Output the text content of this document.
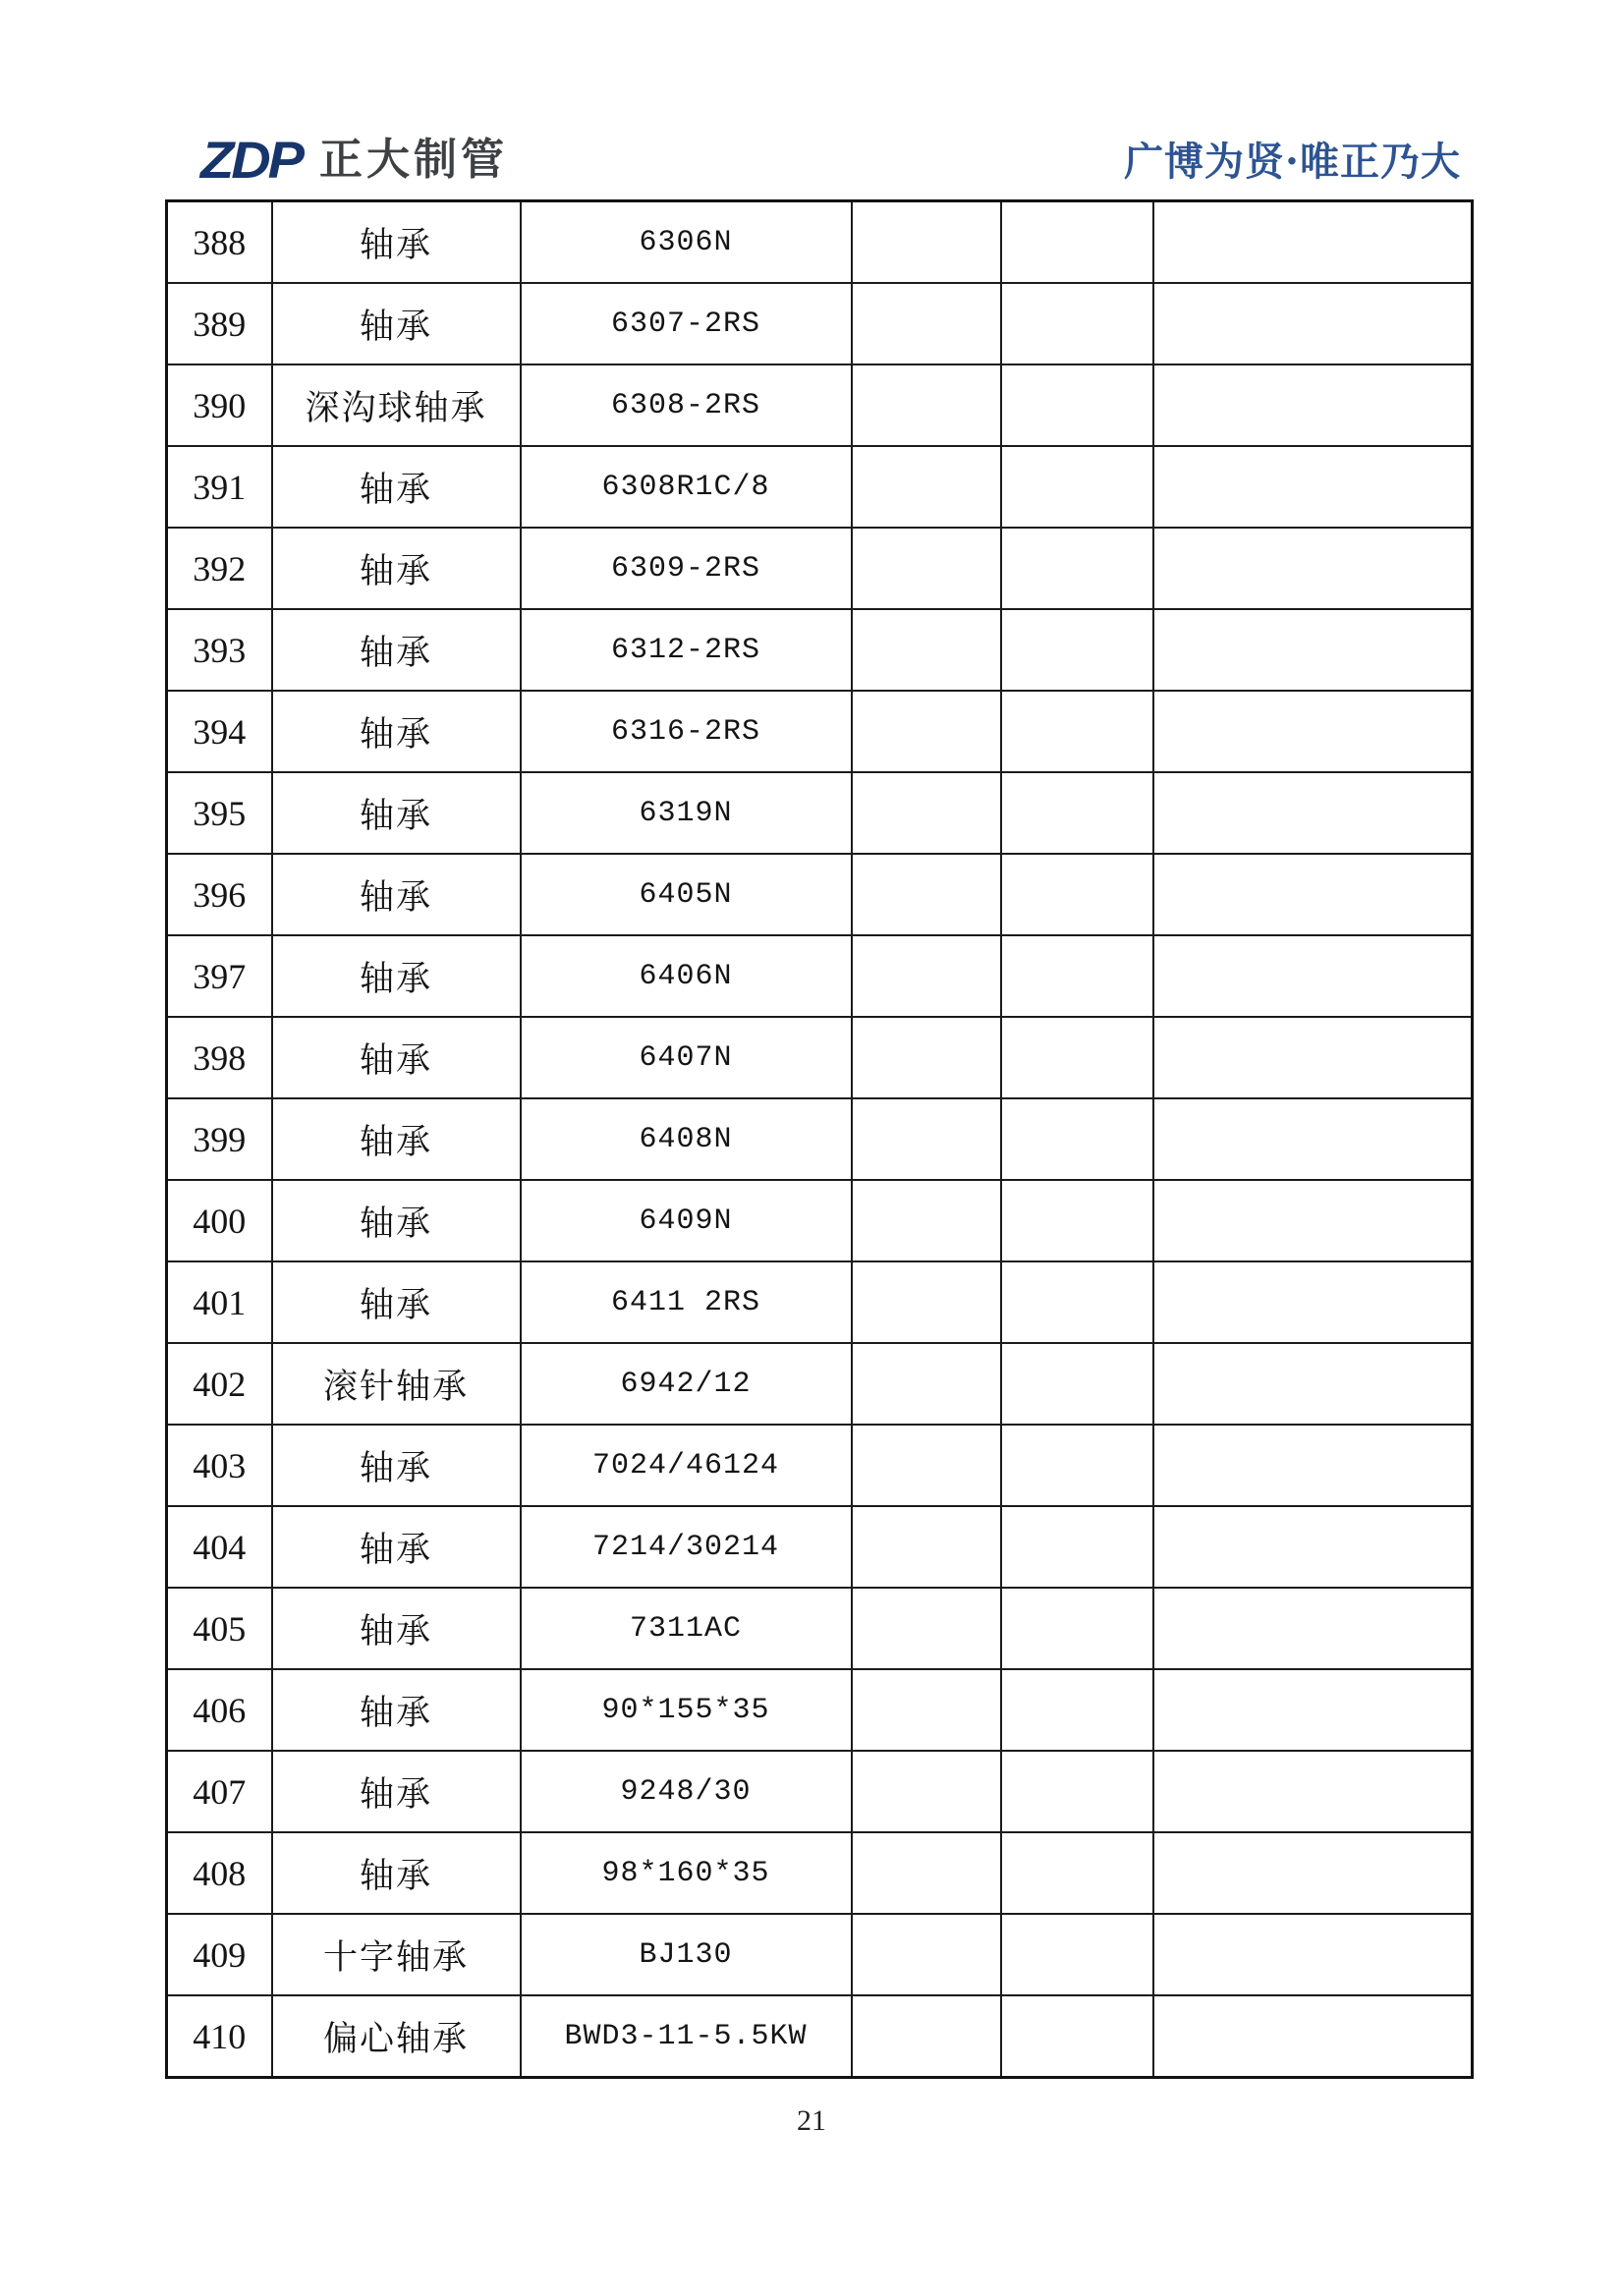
ZDP 正大制管	广博为贤·唯正乃大
388	轴承	6306N			
389	轴承	6307-2RS			
390	深沟球轴承	6308-2RS			
391	轴承	6308R1C/8			
392	轴承	6309-2RS			
393	轴承	6312-2RS			
394	轴承	6316-2RS			
395	轴承	6319N			
396	轴承	6405N			
397	轴承	6406N			
398	轴承	6407N			
399	轴承	6408N			
400	轴承	6409N			
401	轴承	6411 2RS			
402	滚针轴承	6942/12			
403	轴承	7024/46124			
404	轴承	7214/30214			
405	轴承	7311AC			
406	轴承	90*155*35			
407	轴承	9248/30			
408	轴承	98*160*35			
409	十字轴承	BJ130			
410	偏心轴承	BWD3-11-5.5KW			
21
